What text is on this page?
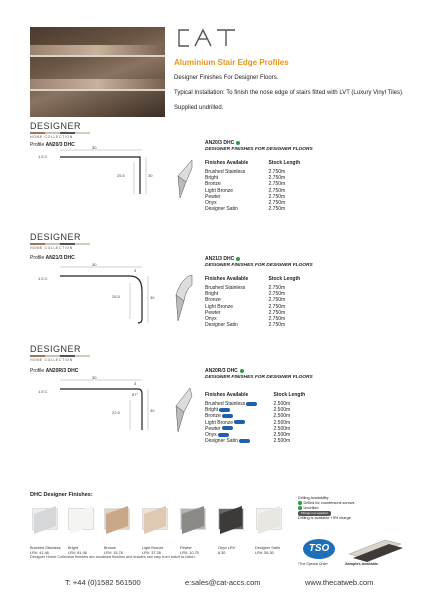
Aluminium Stair Edge Profiles

Designer Finishes For Designer Floors.

Typical Installation: To finish the nose edge of stairs fitted with LVT (Luxury Vinyl Tiles).

Supplied undrilled.

DESIGNER
HOME COLLECTION
Profile AN20/3 DHC	30
1.5 C
25.5	30
AN20/3 DHC
DESIGNER FINISHES FOR DESIGNER FLOORS
Finishes Available	Stock Length
Brushed Stainless	2.750m
Bright	2.750m
Bronze	2.750m
Light Bronze	2.750m
Pewter	2.750m
Onyx	2.750m
Designer Satin	2.750m
DESIGNER
HOME COLLECTION
Profile AN21/3 DHC
30
3
1.5 C
25.5	30
AN21/3 DHC
DESIGNER FINISHES FOR DESIGNER FLOORS
Finishes Available	Stock Length
Brushed Stainless	2.750m
Bright	2.750m
Bronze	2.750m
Light Bronze	2.750m
Pewter	2.750m
Onyx	2.750m
Designer Satin	2.750m
DESIGNER
HOME COLLECTION
Profile AN20R/3 DHC
30
3
87°
1.5 C
22.5	30
AN20R/3 DHC
DESIGNER FINISHES FOR DESIGNER FLOORS
Finishes Available	Stock Length
Brushed Stainless	2.500m
Bright	2.500m
Bronze	2.500m
Light Bronze	2.500m
Pewter	2.500m
Onyx	2.500m
Designer Satin	2.500m
DHC Designer Finishes:
Designer Home Collection finishes are anodised finishes and shades can vary from batch to batch.
Brushed Stainless
LRV: 41.46
Bright
LRV: 81.06
Bronze
LRV: 15.78
Light Bronze
LRV: 37.28
Pewter
LRV: 10.75
Onyx LRV
6.30
Designer Satin
LRV: 55.30
Drilling Availability:
Drilled for countersunk screws
Undrilled
Fittings not supplied
Drilling is available +5% charge.
TSO
*The Special Order	Samples Available
T: +44 (0)1582 561500	e:sales@cat-accs.com	www.thecatweb.com
